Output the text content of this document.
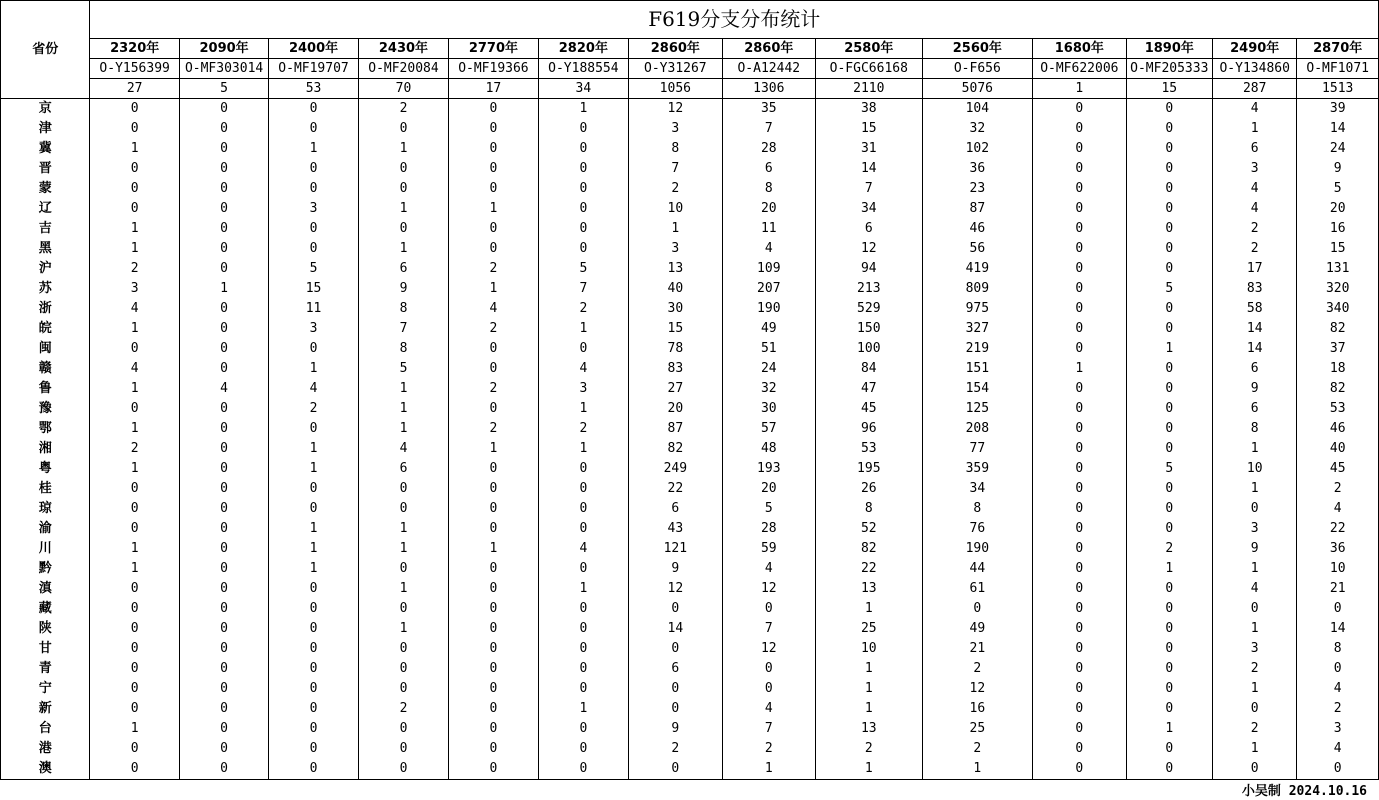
省份	F619分支分布统计													
	2320年	2090年	2400年	2430年	2770年	2820年	2860年	2860年	2580年	2560年	1680年	1890年	2490年	2870年
	O-Y156399	O-MF303014	O-MF19707	O-MF20084	O-MF19366	O-Y188554	O-Y31267	O-A12442	O-FGC66168	O-F656	O-MF622006	O-MF205333	O-Y134860	O-MF1071
	27	5	53	70	17	34	1056	1306	2110	5076	1	15	287	1513
京	0	0	0	2	0	1	12	35	38	104	0	0	4	39
津	0	0	0	0	0	0	3	7	15	32	0	0	1	14
冀	1	0	1	1	0	0	8	28	31	102	0	0	6	24
晋	0	0	0	0	0	0	7	6	14	36	0	0	3	9
蒙	0	0	0	0	0	0	2	8	7	23	0	0	4	5
辽	0	0	3	1	1	0	10	20	34	87	0	0	4	20
吉	1	0	0	0	0	0	1	11	6	46	0	0	2	16
黑	1	0	0	1	0	0	3	4	12	56	0	0	2	15
沪	2	0	5	6	2	5	13	109	94	419	0	0	17	131
苏	3	1	15	9	1	7	40	207	213	809	0	5	83	320
浙	4	0	11	8	4	2	30	190	529	975	0	0	58	340
皖	1	0	3	7	2	1	15	49	150	327	0	0	14	82
闽	0	0	0	8	0	0	78	51	100	219	0	1	14	37
赣	4	0	1	5	0	4	83	24	84	151	1	0	6	18
鲁	1	4	4	1	2	3	27	32	47	154	0	0	9	82
豫	0	0	2	1	0	1	20	30	45	125	0	0	6	53
鄂	1	0	0	1	2	2	87	57	96	208	0	0	8	46
湘	2	0	1	4	1	1	82	48	53	77	0	0	1	40
粤	1	0	1	6	0	0	249	193	195	359	0	5	10	45
桂	0	0	0	0	0	0	22	20	26	34	0	0	1	2
琼	0	0	0	0	0	0	6	5	8	8	0	0	0	4
渝	0	0	1	1	0	0	43	28	52	76	0	0	3	22
川	1	0	1	1	1	4	121	59	82	190	0	2	9	36
黔	1	0	1	0	0	0	9	4	22	44	0	1	1	10
滇	0	0	0	1	0	1	12	12	13	61	0	0	4	21
藏	0	0	0	0	0	0	0	0	1	0	0	0	0	0
陕	0	0	0	1	0	0	14	7	25	49	0	0	1	14
甘	0	0	0	0	0	0	0	12	10	21	0	0	3	8
青	0	0	0	0	0	0	6	0	1	2	0	0	2	0
宁	0	0	0	0	0	0	0	0	1	12	0	0	1	4
新	0	0	0	2	0	1	0	4	1	16	0	0	0	2
台	1	0	0	0	0	0	9	7	13	25	0	1	2	3
港	0	0	0	0	0	0	2	2	2	2	0	0	1	4
澳	0	0	0	0	0	0	0	1	1	1	0	0	0	0
小吴制 2024.10.16
